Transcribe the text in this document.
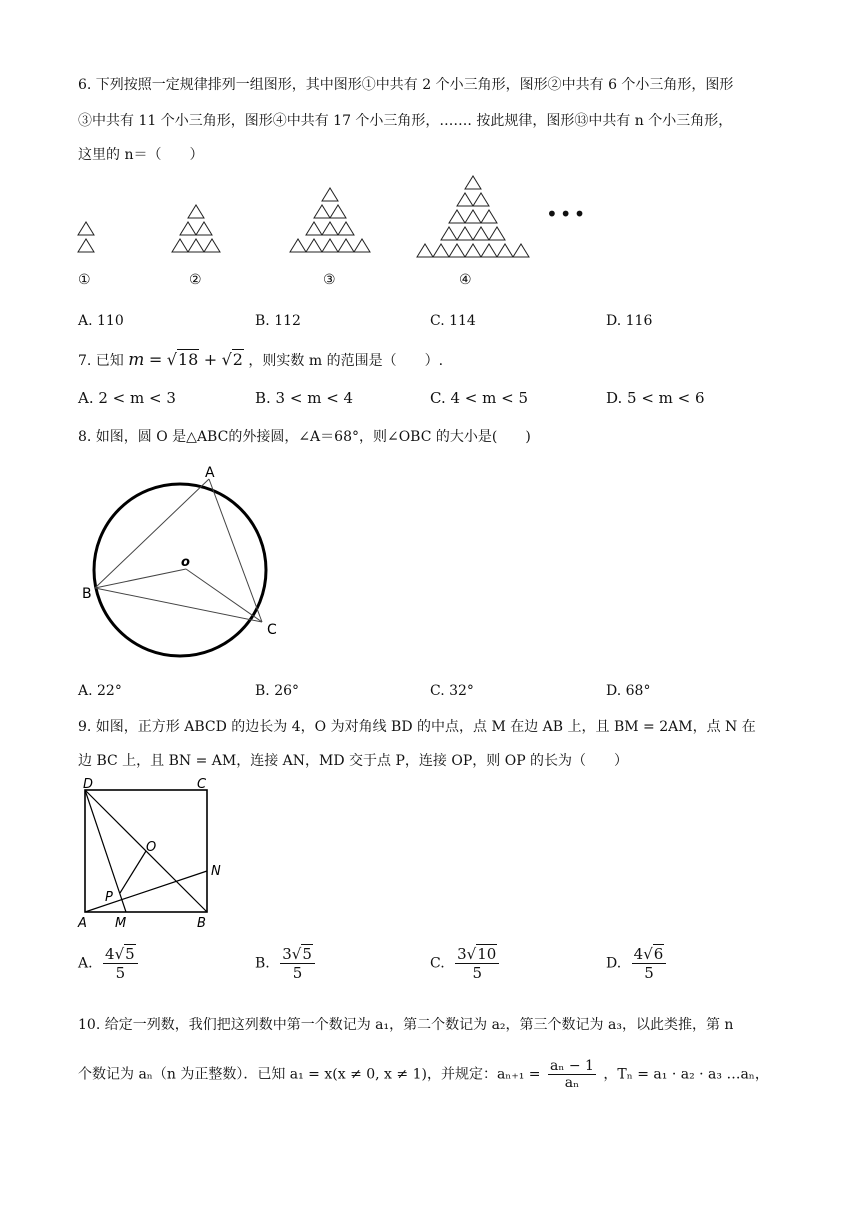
6. 下列按照一定规律排列一组图形，其中图形①中共有 2 个小三角形，图形②中共有 6 个小三角形，图形
③中共有 11 个小三角形，图形④中共有 17 个小三角形，……. 按此规律，图形⑬中共有 n 个小三角形，
这里的 n＝（　　）
①	②	③	④
•••
A. 110	B. 112	C. 114	D. 116
7. 已知 m = √18 + √2 ，则实数 m 的范围是（　　）.
A. 2 < m < 3	B. 3 < m < 4	C. 4 < m < 5	D. 5 < m < 6
8. 如图，圆 O 是△ABC的外接圆，∠A＝68°，则∠OBC 的大小是(　　)
A
B
C
o
A. 22°	B. 26°	C. 32°	D. 68°
9. 如图，正方形 ABCD 的边长为 4，O 为对角线 BD 的中点，点 M 在边 AB 上，且 BM = 2AM，点 N 在
边 BC 上，且 BN = AM，连接 AN，MD 交于点 P，连接 OP，则 OP 的长为（　　）
D	C
O
N
P
A M	B
A. $\frac{4√5}{5}$	B. $\frac{3√5}{5}$	C. $\frac{3√10}{5}$	D. $\frac{4√6}{5}$
10. 给定一列数，我们把这列数中第一个数记为 a₁，第二个数记为 a₂，第三个数记为 a₃，以此类推，第 n
个数记为 aₙ（n 为正整数）．已知 a₁ = x(x ≠ 0, x ≠ 1)，并规定：$a_{n+1} = \frac{\text{aₙ − 1}}{\text{aₙ}}$ ，Tₙ = a₁ · a₂ · a₃ …aₙ，
